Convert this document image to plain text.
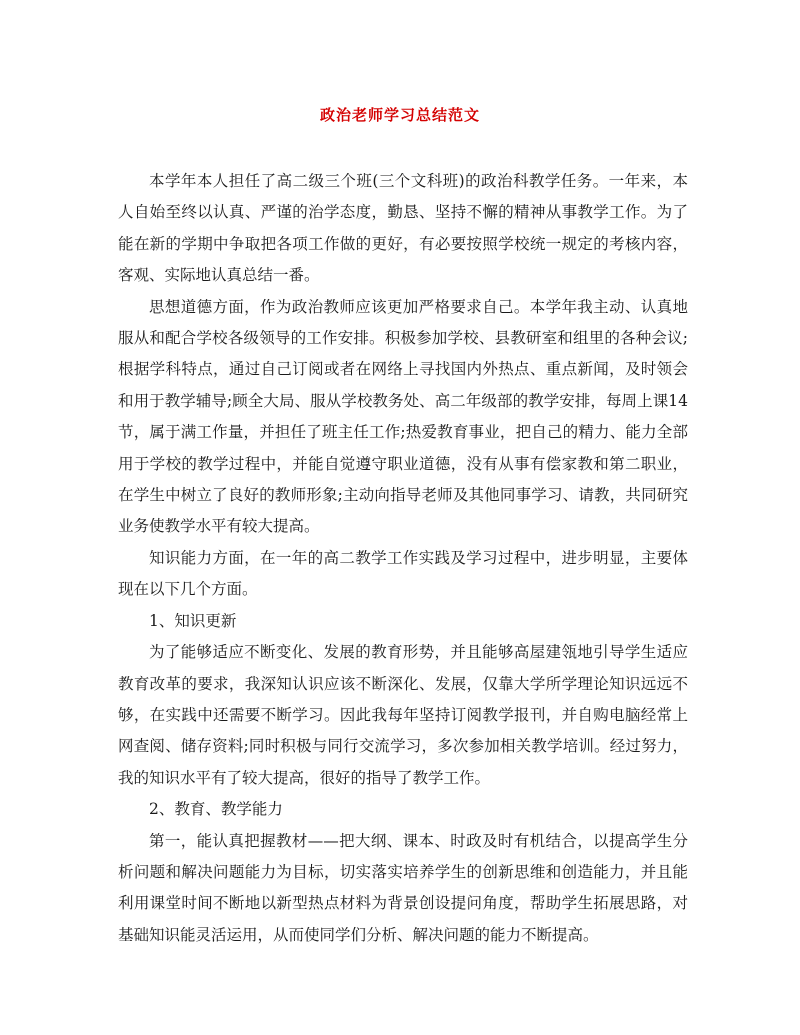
政治老师学习总结范文

本学年本人担任了高二级三个班(三个文科班)的政治科教学任务。一年来，本人自始至终以认真、严谨的治学态度，勤恳、坚持不懈的精神从事教学工作。为了能在新的学期中争取把各项工作做的更好，有必要按照学校统一规定的考核内容，客观、实际地认真总结一番。

思想道德方面，作为政治教师应该更加严格要求自己。本学年我主动、认真地服从和配合学校各级领导的工作安排。积极参加学校、县教研室和组里的各种会议;根据学科特点，通过自己订阅或者在网络上寻找国内外热点、重点新闻，及时领会和用于教学辅导;顾全大局、服从学校教务处、高二年级部的教学安排，每周上课14节，属于满工作量，并担任了班主任工作;热爱教育事业，把自己的精力、能力全部用于学校的教学过程中，并能自觉遵守职业道德，没有从事有偿家教和第二职业，在学生中树立了良好的教师形象;主动向指导老师及其他同事学习、请教，共同研究业务使教学水平有较大提高。

知识能力方面，在一年的高二教学工作实践及学习过程中，进步明显，主要体现在以下几个方面。

1、知识更新

为了能够适应不断变化、发展的教育形势，并且能够高屋建瓴地引导学生适应教育改革的要求，我深知认识应该不断深化、发展，仅靠大学所学理论知识远远不够，在实践中还需要不断学习。因此我每年坚持订阅教学报刊，并自购电脑经常上网查阅、储存资料;同时积极与同行交流学习，多次参加相关教学培训。经过努力，我的知识水平有了较大提高，很好的指导了教学工作。

2、教育、教学能力

第一，能认真把握教材——把大纲、课本、时政及时有机结合，以提高学生分析问题和解决问题能力为目标，切实落实培养学生的创新思维和创造能力，并且能利用课堂时间不断地以新型热点材料为背景创设提问角度，帮助学生拓展思路，对基础知识能灵活运用，从而使同学们分析、解决问题的能力不断提高。
